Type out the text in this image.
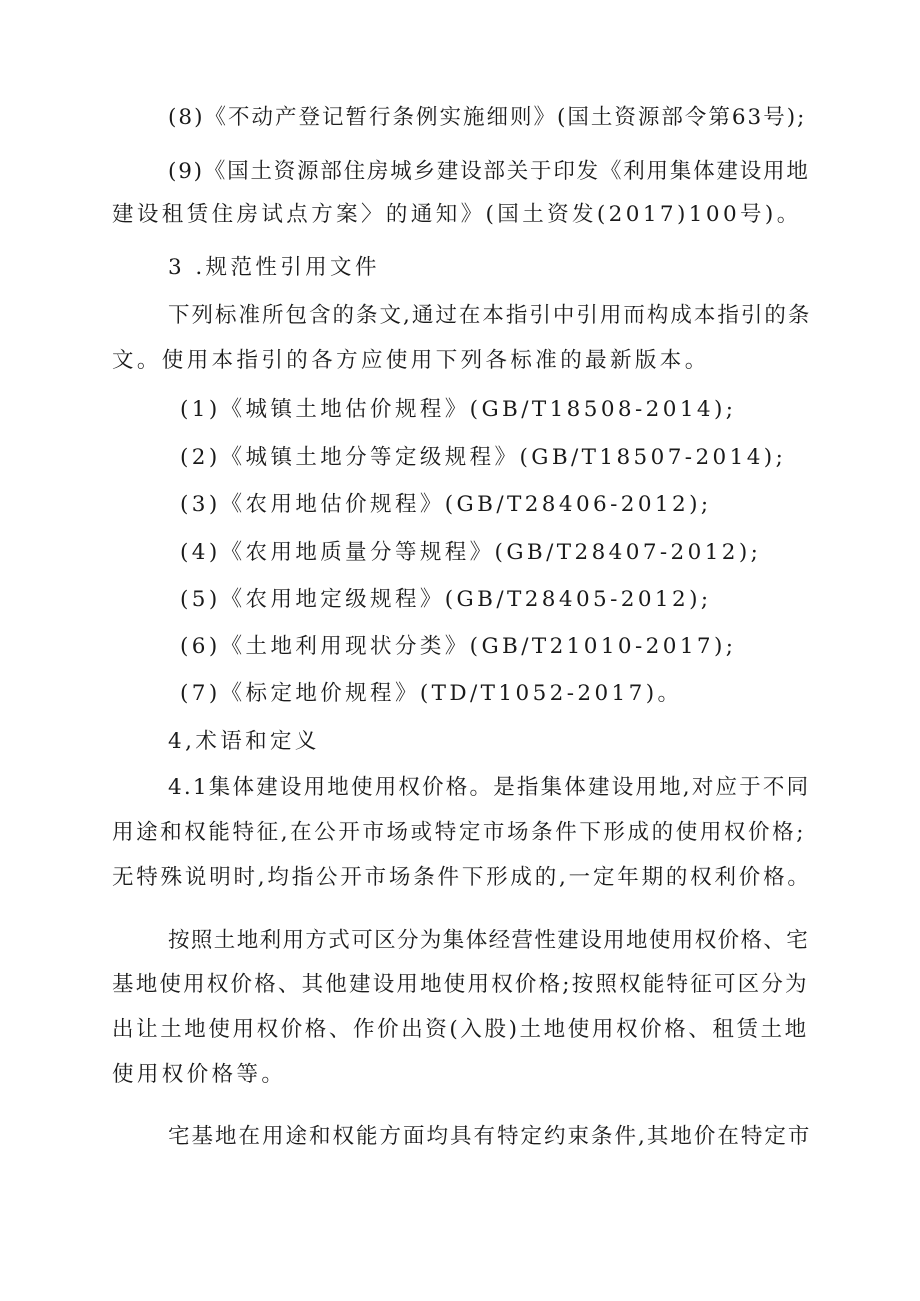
(8)《不动产登记暂行条例实施细则》(国土资源部令第63号);
(9)《国土资源部住房城乡建设部关于印发《利用集体建设用地
建设租赁住房试点方案〉的通知》(国土资发(2017)100号)。
3 .规范性引用文件
下列标准所包含的条文,通过在本指引中引用而构成本指引的条
文。使用本指引的各方应使用下列各标准的最新版本。
(1)《城镇土地估价规程》(GB/T18508-2014);
(2)《城镇土地分等定级规程》(GB/T18507-2014);
(3)《农用地估价规程》(GB/T28406-2012);
(4)《农用地质量分等规程》(GB/T28407-2012);
(5)《农用地定级规程》(GB/T28405-2012);
(6)《土地利用现状分类》(GB/T21010-2017);
(7)《标定地价规程》(TD/T1052-2017)。
4,术语和定义
4.1集体建设用地使用权价格。是指集体建设用地,对应于不同
用途和权能特征,在公开市场或特定市场条件下形成的使用权价格;
无特殊说明时,均指公开市场条件下形成的,一定年期的权利价格。
按照土地利用方式可区分为集体经营性建设用地使用权价格、宅
基地使用权价格、其他建设用地使用权价格;按照权能特征可区分为
出让土地使用权价格、作价出资(入股)土地使用权价格、租赁土地
使用权价格等。
宅基地在用途和权能方面均具有特定约束条件,其地价在特定市
